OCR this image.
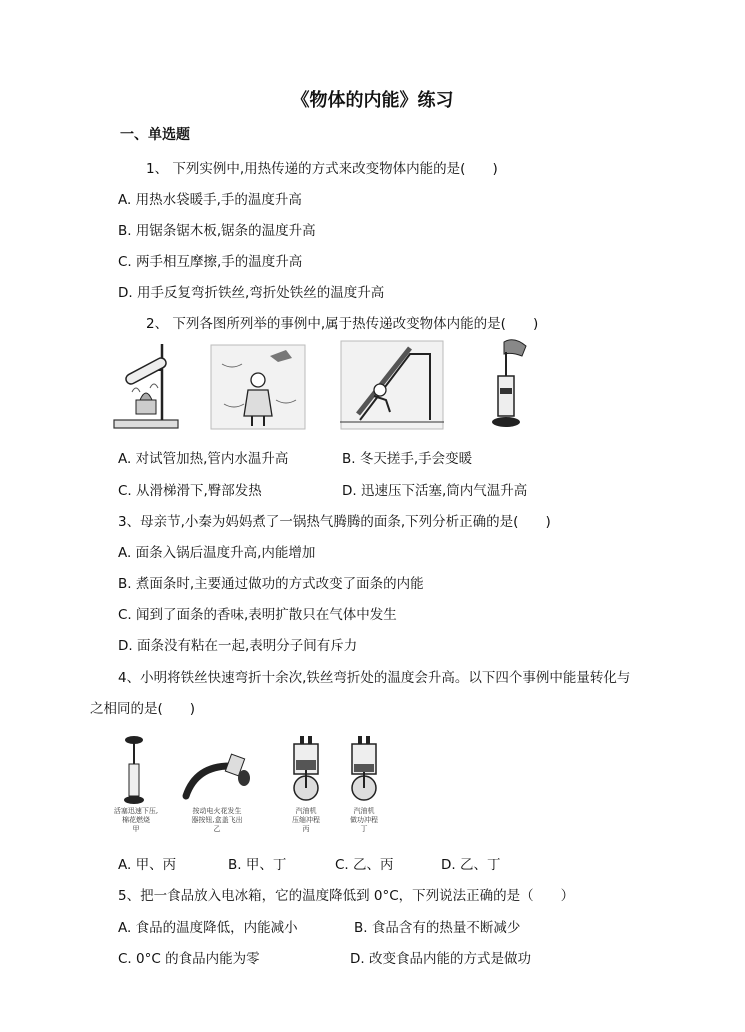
《物体的内能》练习
一、单选题
1、 下列实例中,用热传递的方式来改变物体内能的是(　　)
A. 用热水袋暖手,手的温度升高
B. 用锯条锯木板,锯条的温度升高
C. 两手相互摩擦,手的温度升高
D. 用手反复弯折铁丝,弯折处铁丝的温度升高
2、 下列各图所列举的事例中,属于热传递改变物体内能的是(　　)
A. 对试管加热,管内水温升高	B. 冬天搓手,手会变暖
C. 从滑梯滑下,臀部发热	D. 迅速压下活塞,筒内气温升高
3、母亲节,小秦为妈妈煮了一锅热气腾腾的面条,下列分析正确的是(　　)
A. 面条入锅后温度升高,内能增加
B. 煮面条时,主要通过做功的方式改变了面条的内能
C. 闻到了面条的香味,表明扩散只在气体中发生
D. 面条没有粘在一起,表明分子间有斥力
4、小明将铁丝快速弯折十余次,铁丝弯折处的温度会升高。以下四个事例中能量转化与
之相同的是(　　)
活塞迅速下压,
棉花燃烧
甲
按动电火花发生
器按钮,盒盖飞出
乙
汽油机
压缩冲程
丙
汽油机
做功冲程
丁
A. 甲、丙	B. 甲、丁	C. 乙、丙	D. 乙、丁
5、把一食品放入电冰箱，它的温度降低到 0°C，下列说法正确的是（　　）
A. 食品的温度降低，内能减小	B. 食品含有的热量不断减少
C. 0°C 的食品内能为零	D. 改变食品内能的方式是做功
